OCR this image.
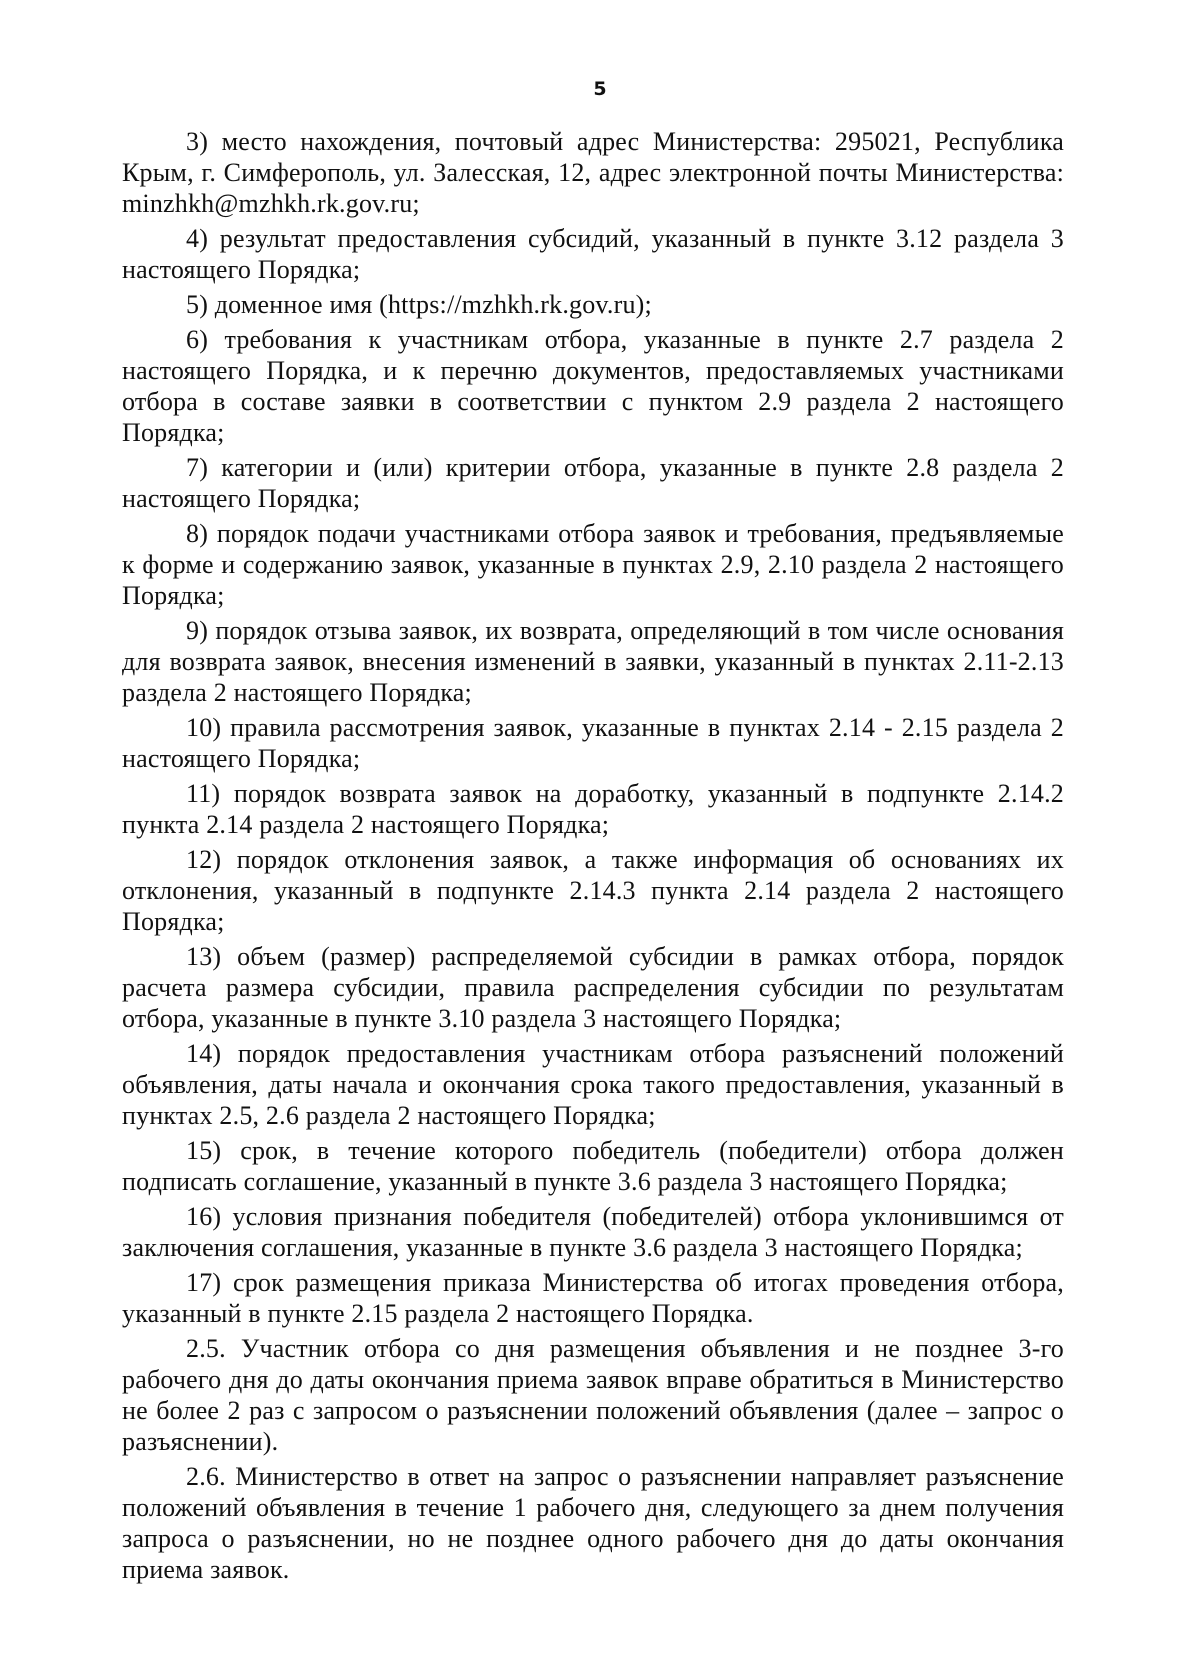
5

3) место нахождения, почтовый адрес Министерства: 295021, Республика Крым, г. Симферополь, ул. Залесская, 12, адрес электронной почты Министерства: minzhkh@mzhkh.rk.gov.ru;

4) результат предоставления субсидий, указанный в пункте 3.12 раздела 3 настоящего Порядка;

5) доменное имя (https://mzhkh.rk.gov.ru);

6) требования к участникам отбора, указанные в пункте 2.7 раздела 2 настоящего Порядка, и к перечню документов, предоставляемых участниками отбора в составе заявки в соответствии с пунктом 2.9 раздела 2 настоящего Порядка;

7) категории и (или) критерии отбора, указанные в пункте 2.8 раздела 2 настоящего Порядка;

8) порядок подачи участниками отбора заявок и требования, предъявляемые к форме и содержанию заявок, указанные в пунктах 2.9, 2.10 раздела 2 настоящего Порядка;

9) порядок отзыва заявок, их возврата, определяющий в том числе основания для возврата заявок, внесения изменений в заявки, указанный в пунктах 2.11-2.13 раздела 2 настоящего Порядка;

10) правила рассмотрения заявок, указанные в пунктах 2.14 - 2.15 раздела 2 настоящего Порядка;

11) порядок возврата заявок на доработку, указанный в подпункте 2.14.2 пункта 2.14 раздела 2 настоящего Порядка;

12) порядок отклонения заявок, а также информация об основаниях их отклонения, указанный в подпункте 2.14.3 пункта 2.14 раздела 2 настоящего Порядка;

13) объем (размер) распределяемой субсидии в рамках отбора, порядок расчета размера субсидии, правила распределения субсидии по результатам отбора, указанные в пункте 3.10 раздела 3 настоящего Порядка;

14) порядок предоставления участникам отбора разъяснений положений объявления, даты начала и окончания срока такого предоставления, указанный в пунктах 2.5, 2.6 раздела 2 настоящего Порядка;

15) срок, в течение которого победитель (победители) отбора должен подписать соглашение, указанный в пункте 3.6 раздела 3 настоящего Порядка;

16) условия признания победителя (победителей) отбора уклонившимся от заключения соглашения, указанные в пункте 3.6 раздела 3 настоящего Порядка;

17) срок размещения приказа Министерства об итогах проведения отбора, указанный в пункте 2.15 раздела 2 настоящего Порядка.

2.5. Участник отбора со дня размещения объявления и не позднее 3-го рабочего дня до даты окончания приема заявок вправе обратиться в Министерство не более 2 раз с запросом о разъяснении положений объявления (далее – запрос о разъяснении).

2.6. Министерство в ответ на запрос о разъяснении направляет разъяснение положений объявления в течение 1 рабочего дня, следующего за днем получения запроса о разъяснении, но не позднее одного рабочего дня до даты окончания приема заявок.
